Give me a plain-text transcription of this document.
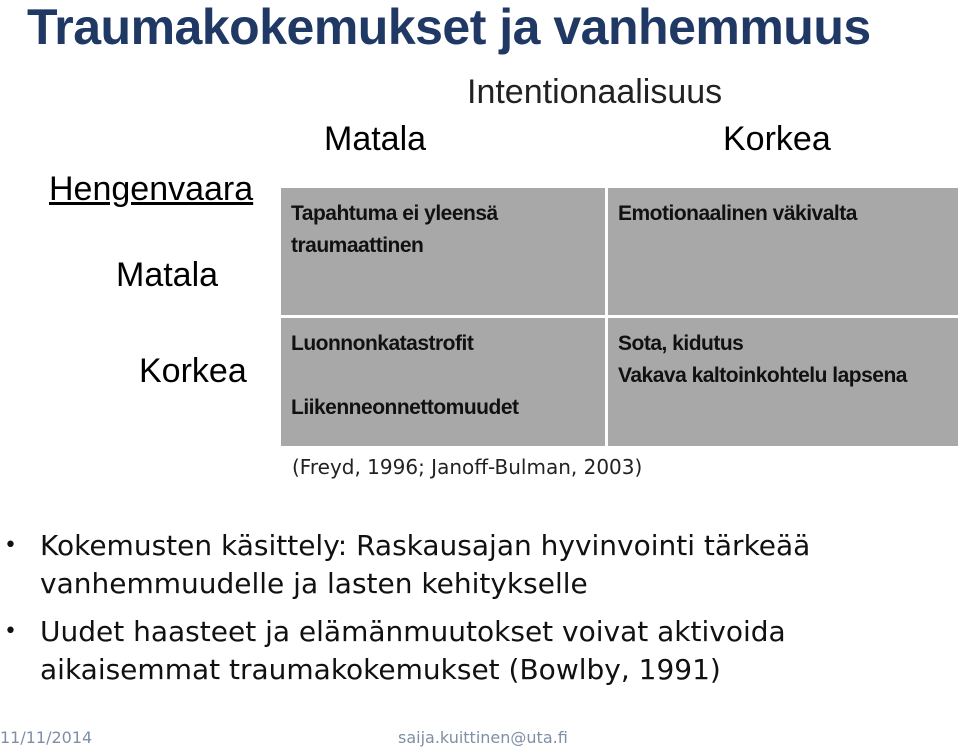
Traumakokemukset ja vanhemmuus
Intentionaalisuus
Matala	Korkea
Hengenvaara
Matala
Korkea
Tapahtuma ei yleensä
traumaattinen
Emotionaalinen väkivalta
Luonnonkatastrofit
Liikenneonnettomuudet
Sota, kidutus
Vakava kaltoinkohtelu lapsena
(Freyd, 1996; Janoff-Bulman, 2003)
• Kokemusten käsittely: Raskausajan hyvinvointi tärkeää vanhemmuudelle ja lasten kehitykselle
• Uudet haasteet ja elämänmuutokset voivat aktivoida aikaisemmat traumakokemukset (Bowlby, 1991)
11/11/2014	saija.kuittinen@uta.fi
